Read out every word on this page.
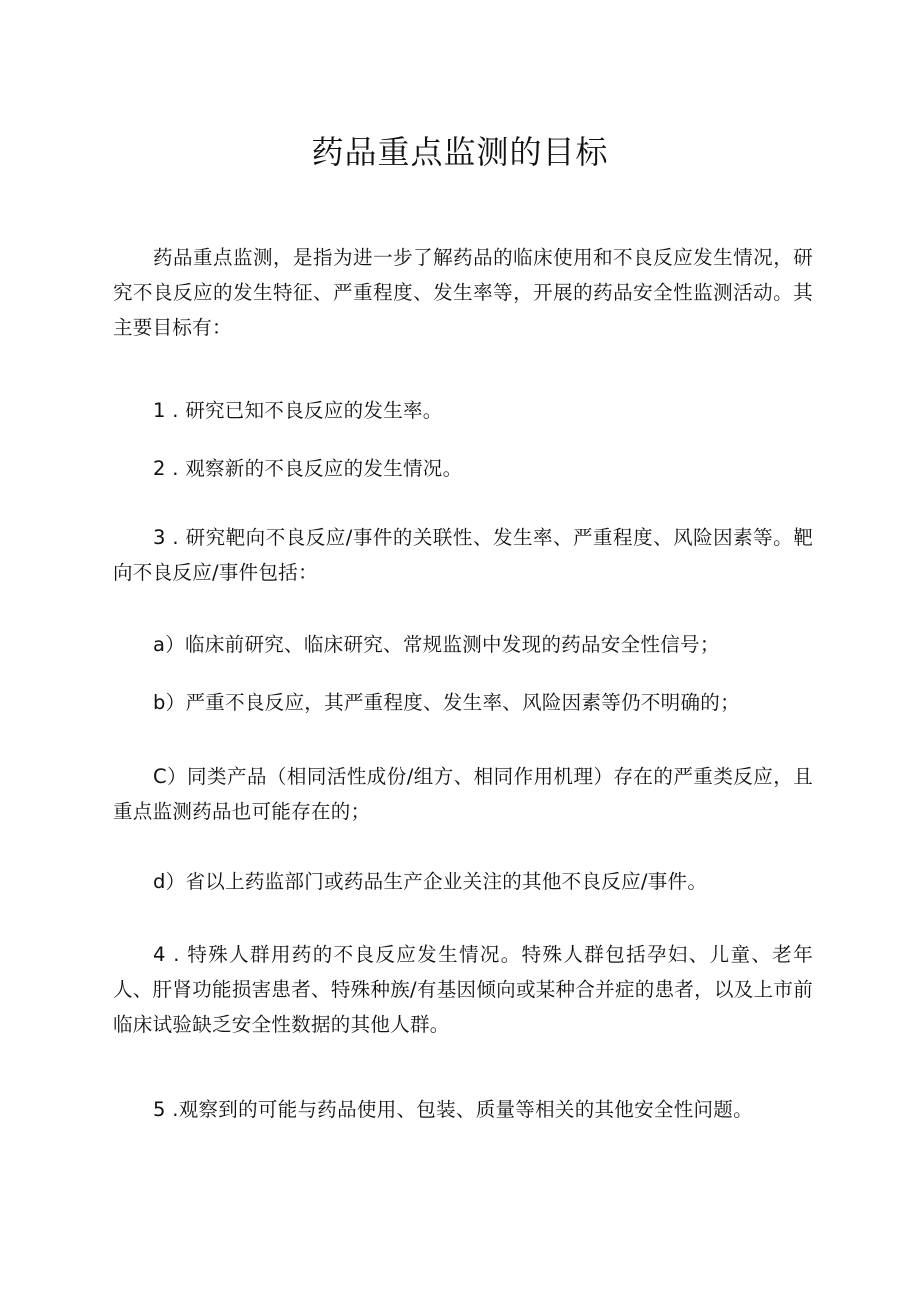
药品重点监测的目标

药品重点监测，是指为进一步了解药品的临床使用和不良反应发生情况，研究不良反应的发生特征、严重程度、发生率等，开展的药品安全性监测活动。其主要目标有：

1 . 研究已知不良反应的发生率。

2 . 观察新的不良反应的发生情况。

3 . 研究靶向不良反应/事件的关联性、发生率、严重程度、风险因素等。靶向不良反应/事件包括：

a）临床前研究、临床研究、常规监测中发现的药品安全性信号；

b）严重不良反应，其严重程度、发生率、风险因素等仍不明确的；

C）同类产品（相同活性成份/组方、相同作用机理）存在的严重类反应，且重点监测药品也可能存在的；

d）省以上药监部门或药品生产企业关注的其他不良反应/事件。

4 . 特殊人群用药的不良反应发生情况。特殊人群包括孕妇、儿童、老年人、肝肾功能损害患者、特殊种族/有基因倾向或某种合并症的患者，以及上市前临床试验缺乏安全性数据的其他人群。

5 .观察到的可能与药品使用、包装、质量等相关的其他安全性问题。
